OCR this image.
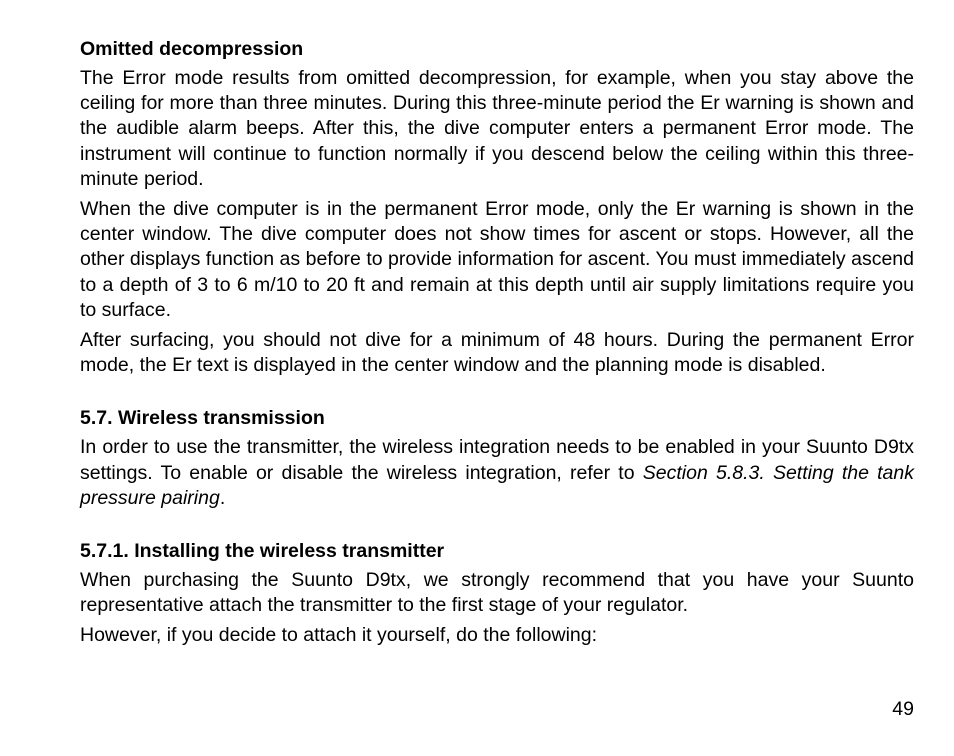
Omitted decompression

The Error mode results from omitted decompression, for example, when you stay above the ceiling for more than three minutes. During this three-minute period the Er warning is shown and the audible alarm beeps. After this, the dive computer enters a permanent Error mode. The instrument will continue to function normally if you descend below the ceiling within this three-minute period.

When the dive computer is in the permanent Error mode, only the Er warning is shown in the center window. The dive computer does not show times for ascent or stops. However, all the other displays function as before to provide information for ascent. You must immediately ascend to a depth of 3 to 6 m/10 to 20 ft and remain at this depth until air supply limitations require you to surface.

After surfacing, you should not dive for a minimum of 48 hours. During the permanent Error mode, the Er text is displayed in the center window and the planning mode is disabled.

5.7. Wireless transmission

In order to use the transmitter, the wireless integration needs to be enabled in your Suunto D9tx settings. To enable or disable the wireless integration, refer to Section 5.8.3. Setting the tank pressure pairing.

5.7.1. Installing the wireless transmitter

When purchasing the Suunto D9tx, we strongly recommend that you have your Suunto representative attach the transmitter to the first stage of your regulator.

However, if you decide to attach it yourself, do the following:

49
